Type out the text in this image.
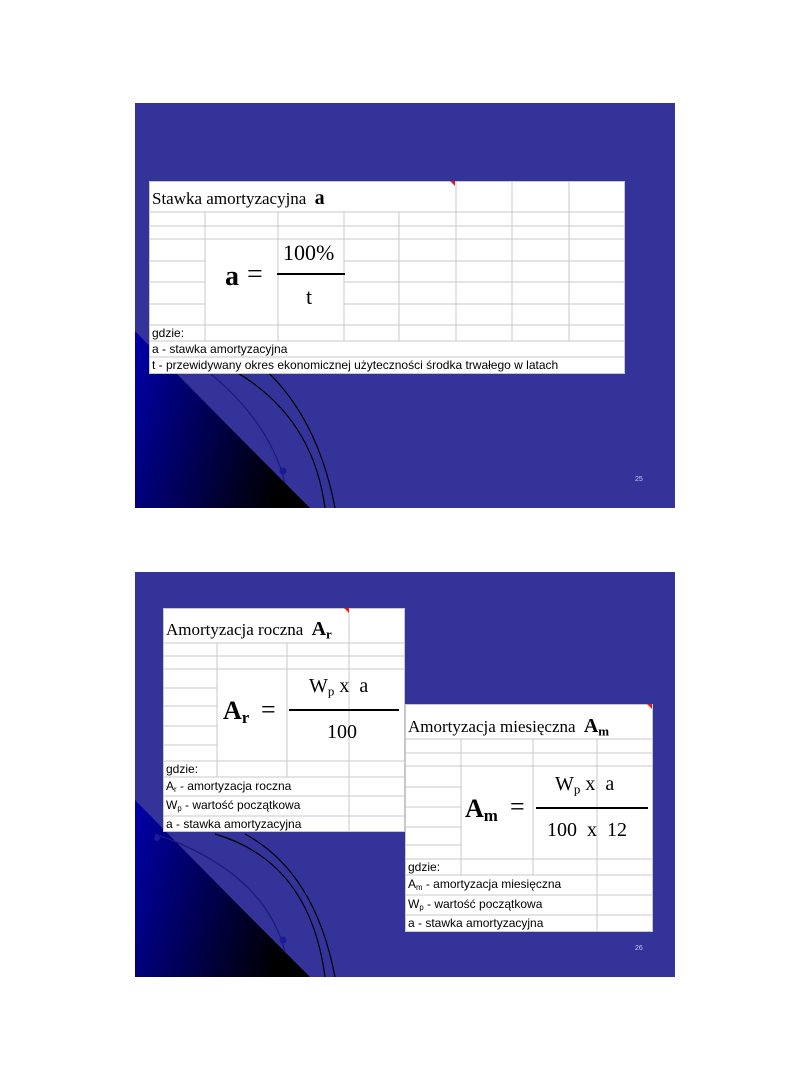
Stawka amortyzacyjna a
a =
100%
t
gdzie:
a - stawka amortyzacyjna
t - przewidywany okres ekonomicznej użyteczności środka trwałego w latach
25
Amortyzacja roczna $A_r$
$A_r$ =
$W_p$ x  a
100
gdzie:
$A_r$ - amortyzacja roczna
$W_p$ - wartość początkowa
a - stawka amortyzacyjna
Amortyzacja miesięczna $A_m$
$A_m$ =
$W_p$ x  a
100  x  12
gdzie:
$A_m$ - amortyzacja miesięczna
$W_p$ - wartość początkowa
a - stawka amortyzacyjna
26
